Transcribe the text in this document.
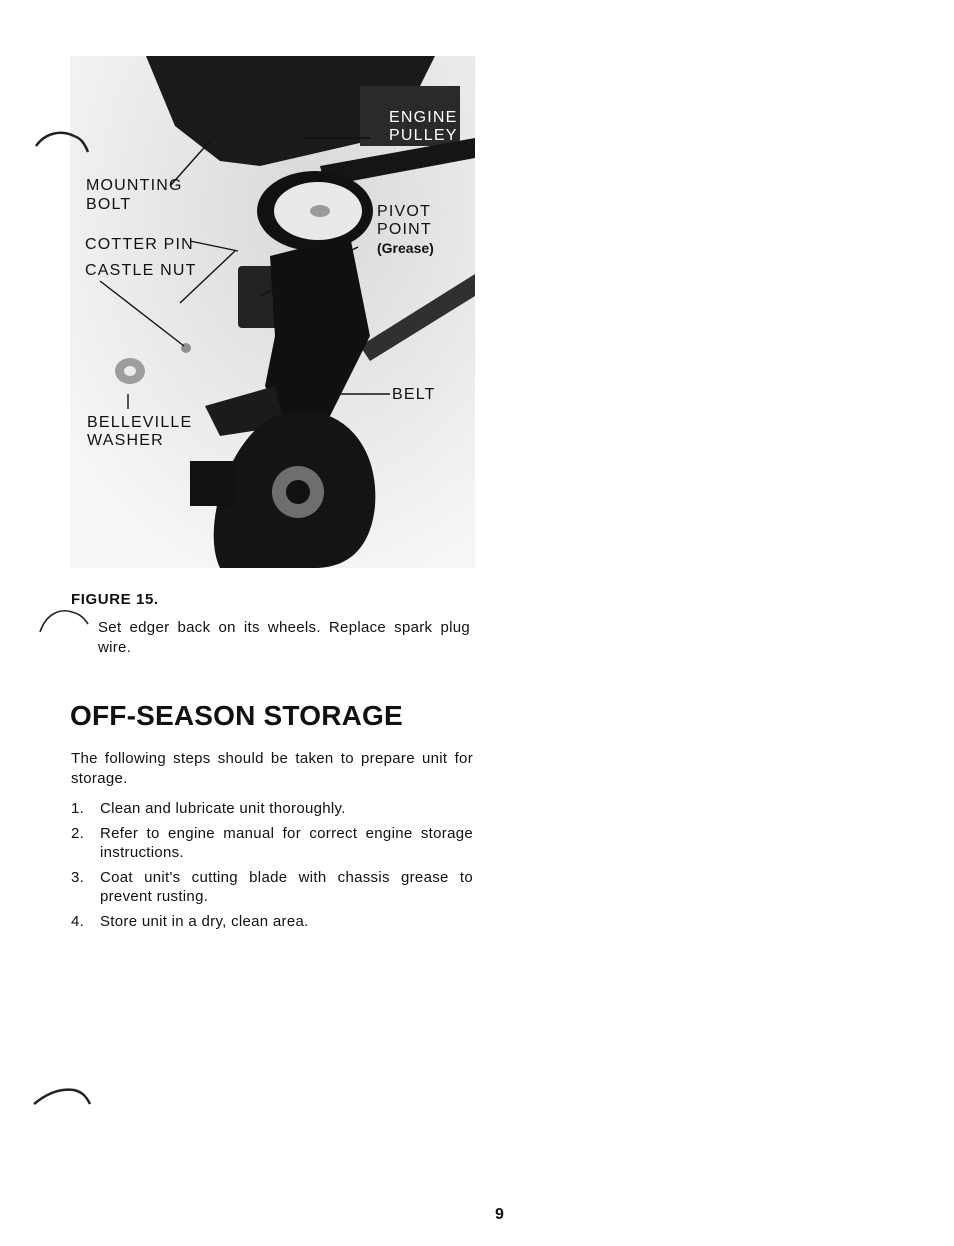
MOUNTING

BOLT

COTTER PIN

CASTLE NUT

ENGINE

PULLEY

PIVOT

POINT

(Grease)

BELT

BELLEVILLE

WASHER

FIGURE 15.

Set edger back on its wheels. Replace spark plug wire.

OFF-SEASON STORAGE

The following steps should be taken to prepare unit for storage.

1. Clean and lubricate unit thoroughly.
2. Refer to engine manual for correct engine storage instructions.
3. Coat unit's cutting blade with chassis grease to prevent rusting.
4. Store unit in a dry, clean area.

9
